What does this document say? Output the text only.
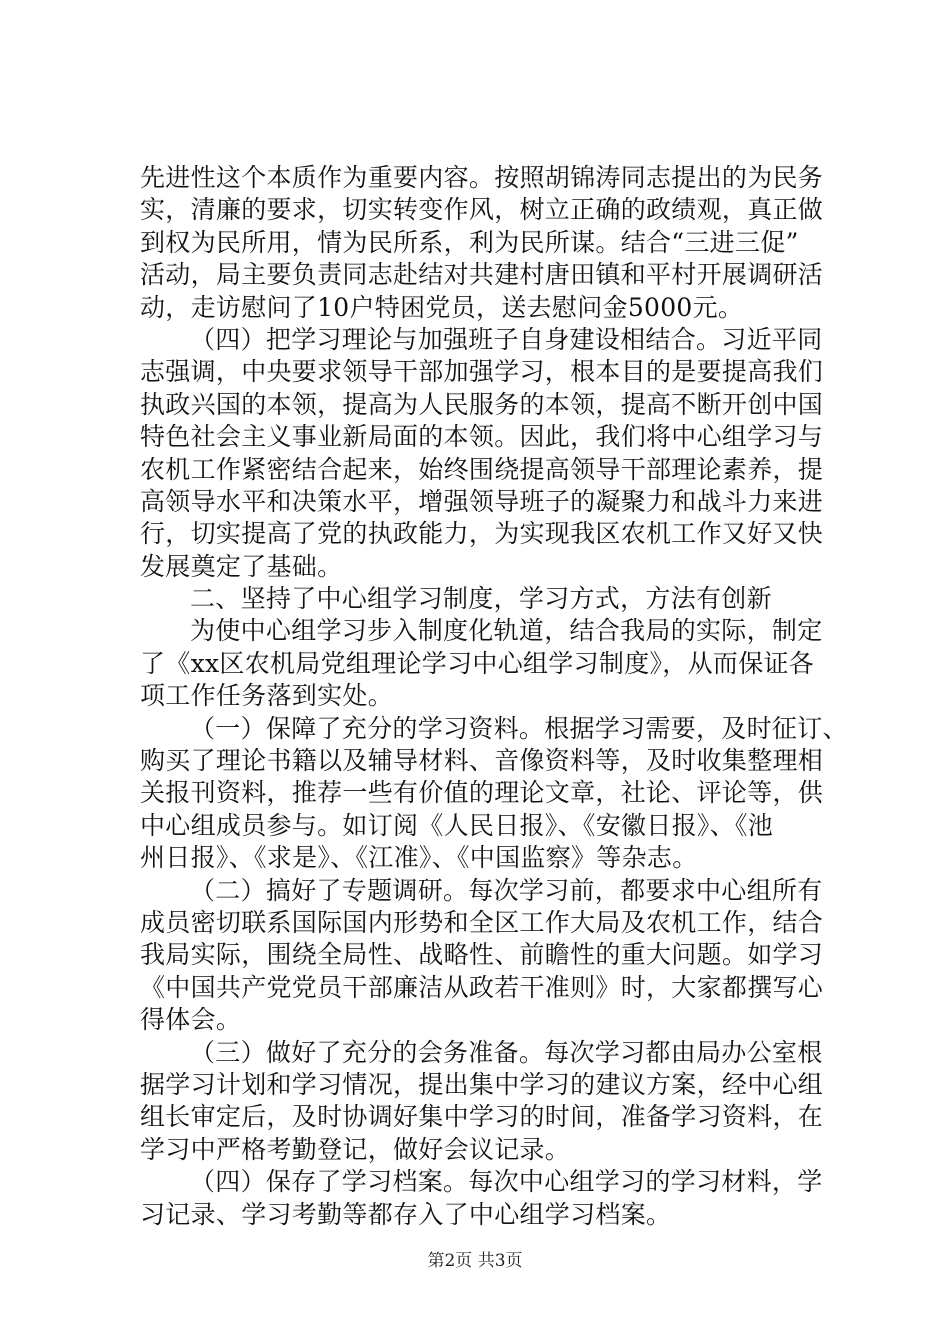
先进性这个本质作为重要内容。按照胡锦涛同志提出的为民务
实，清廉的要求，切实转变作风，树立正确的政绩观，真正做
到权为民所用，情为民所系，利为民所谋。结合“三进三促”
活动，局主要负责同志赴结对共建村唐田镇和平村开展调研活
动，走访慰问了10户特困党员，送去慰问金5000元。
（四）把学习理论与加强班子自身建设相结合。习近平同
志强调，中央要求领导干部加强学习，根本目的是要提高我们
执政兴国的本领，提高为人民服务的本领，提高不断开创中国
特色社会主义事业新局面的本领。因此，我们将中心组学习与
农机工作紧密结合起来，始终围绕提高领导干部理论素养，提
高领导水平和决策水平，增强领导班子的凝聚力和战斗力来进
行，切实提高了党的执政能力，为实现我区农机工作又好又快
发展奠定了基础。
二、坚持了中心组学习制度，学习方式，方法有创新
为使中心组学习步入制度化轨道，结合我局的实际，制定
了《xx区农机局党组理论学习中心组学习制度》，从而保证各
项工作任务落到实处。
（一）保障了充分的学习资料。根据学习需要，及时征订、
购买了理论书籍以及辅导材料、音像资料等，及时收集整理相
关报刊资料，推荐一些有价值的理论文章，社论、评论等，供
中心组成员参与。如订阅《人民日报》、《安徽日报》、《池
州日报》、《求是》、《江准》、《中国监察》等杂志。
（二）搞好了专题调研。每次学习前，都要求中心组所有
成员密切联系国际国内形势和全区工作大局及农机工作，结合
我局实际，围绕全局性、战略性、前瞻性的重大问题。如学习
《中国共产党党员干部廉洁从政若干准则》时，大家都撰写心
得体会。
（三）做好了充分的会务准备。每次学习都由局办公室根
据学习计划和学习情况，提出集中学习的建议方案，经中心组
组长审定后，及时协调好集中学习的时间，准备学习资料，在
学习中严格考勤登记，做好会议记录。
（四）保存了学习档案。每次中心组学习的学习材料，学
习记录、学习考勤等都存入了中心组学习档案。
第2页 共3页
